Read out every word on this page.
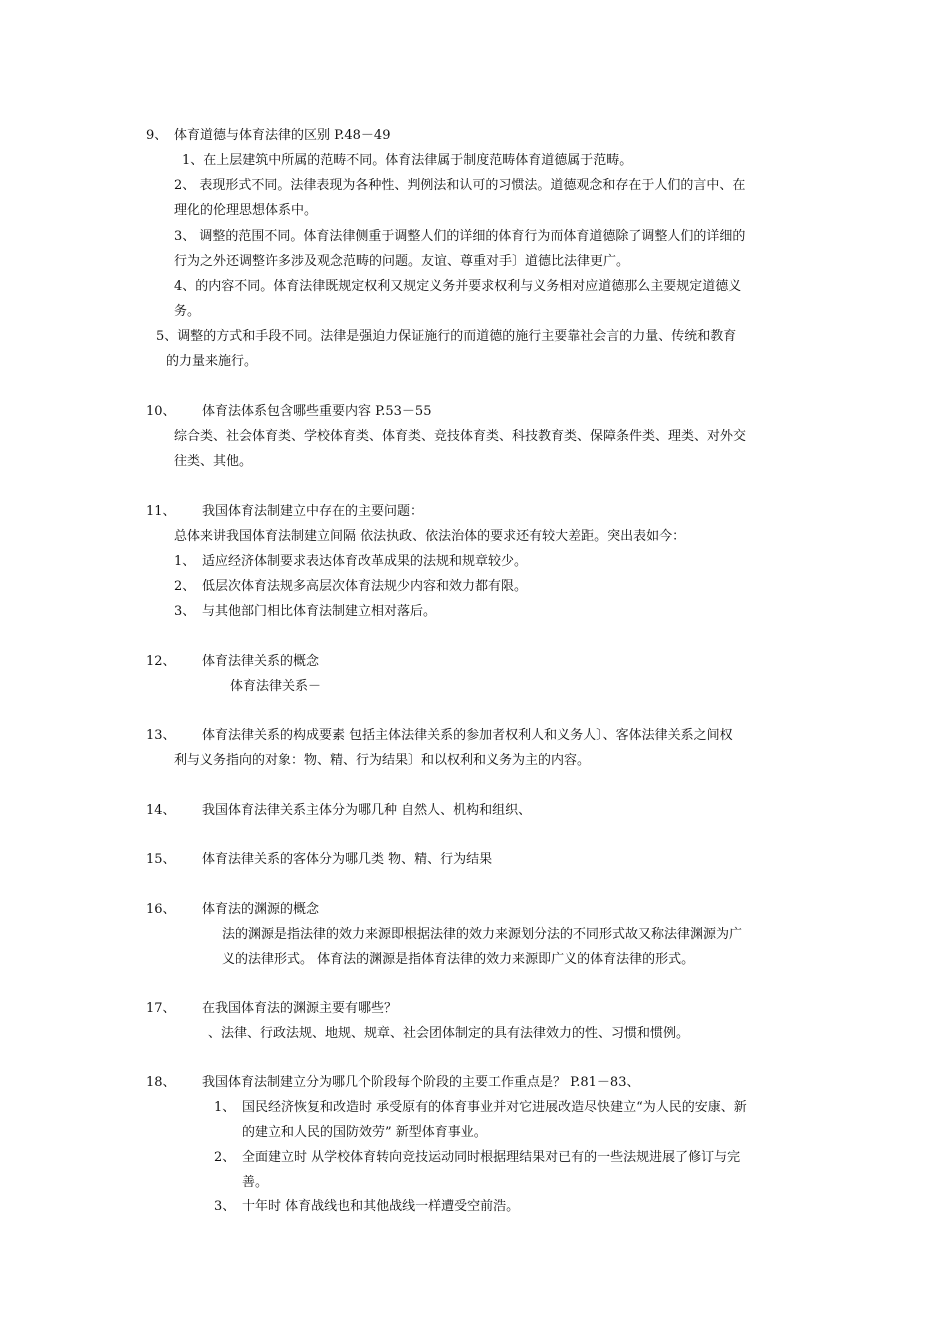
9、 体育道德与体育法律的区别 P.48－49
1、在上层建筑中所属的范畴不同。体育法律属于制度范畴体育道德属于范畴。
2、 表现形式不同。法律表现为各种性、判例法和认可的习惯法。道德观念和存在于人们的言中、在
理化的伦理思想体系中。
3、 调整的范围不同。体育法律侧重于调整人们的详细的体育行为而体育道德除了调整人们的详细的
行为之外还调整许多涉及观念范畴的问题。友谊、尊重对手〕道德比法律更广。
4、的内容不同。体育法律既规定权利又规定义务并要求权利与义务相对应道德那么主要规定道德义
务。
5、调整的方式和手段不同。法律是强迫力保证施行的而道德的施行主要靠社会言的力量、传统和教育
的力量来施行。
10、 体育法体系包含哪些重要内容 P.53－55
综合类、社会体育类、学校体育类、体育类、竞技体育类、科技教育类、保障条件类、理类、对外交
往类、其他。
11、 我国体育法制建立中存在的主要问题：
总体来讲我国体育法制建立间隔 依法执政、依法治体的要求还有较大差距。突出表如今：
1、 适应经济体制要求表达体育改革成果的法规和规章较少。
2、 低层次体育法规多高层次体育法规少内容和效力都有限。
3、 与其他部门相比体育法制建立相对落后。
12、 体育法律关系的概念
体育法律关系－
13、 体育法律关系的构成要素 包括主体法律关系的参加者权利人和义务人〕、客体法律关系之间权
利与义务指向的对象：物、精、行为结果〕和以权利和义务为主的内容。
14、 我国体育法律关系主体分为哪几种 自然人、机构和组织、
15、 体育法律关系的客体分为哪几类 物、精、行为结果
16、 体育法的渊源的概念
法的渊源是指法律的效力来源即根据法律的效力来源划分法的不同形式故又称法律渊源为广
义的法律形式。 体育法的渊源是指体育法律的效力来源即广义的体育法律的形式。
17、 在我国体育法的渊源主要有哪些？
、法律、行政法规、地规、规章、社会团体制定的具有法律效力的性、习惯和惯例。
18、 我国体育法制建立分为哪几个阶段每个阶段的主要工作重点是？ P.81－83、
1、 国民经济恢复和改造时 承受原有的体育事业并对它进展改造尽快建立“为人民的安康、新
的建立和人民的国防效劳” 新型体育事业。
2、 全面建立时 从学校体育转向竞技运动同时根据理结果对已有的一些法规进展了修订与完
善。
3、 十年时 体育战线也和其他战线一样遭受空前浩。
